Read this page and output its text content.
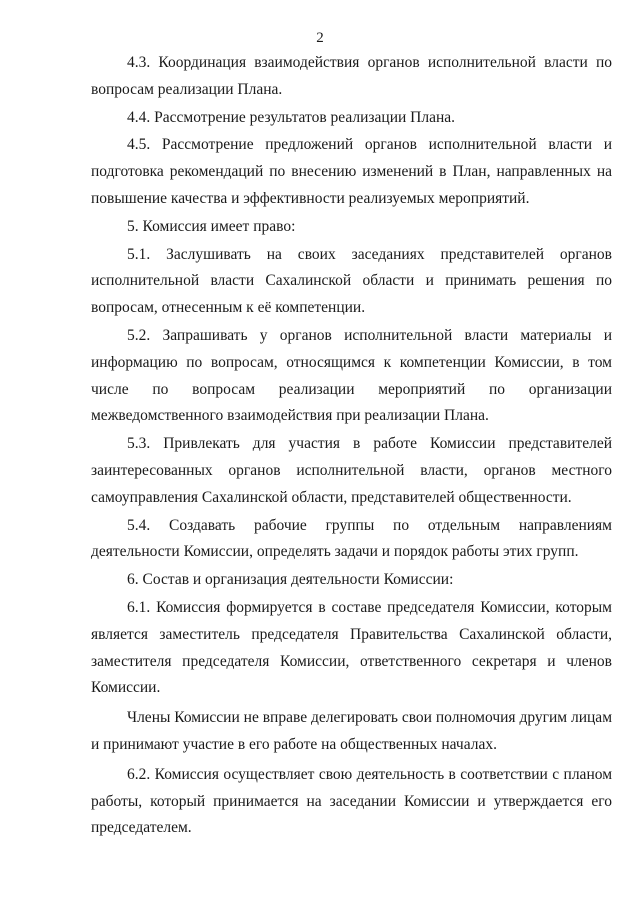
2

4.3. Координация взаимодействия органов исполнительной власти по вопросам реализации Плана.

4.4. Рассмотрение результатов реализации Плана.

4.5. Рассмотрение предложений органов исполнительной власти и подготовка рекомендаций по внесению изменений в План, направленных на повышение качества и эффективности реализуемых мероприятий.

5. Комиссия имеет право:

5.1. Заслушивать на своих заседаниях представителей органов исполнительной власти Сахалинской области и принимать решения по вопросам, отнесенным к её компетенции.

5.2. Запрашивать у органов исполнительной власти материалы и информацию по вопросам, относящимся к компетенции Комиссии, в том числе по вопросам реализации мероприятий по организации межведомственного взаимодействия при реализации Плана.

5.3. Привлекать для участия в работе Комиссии представителей заинтересованных органов исполнительной власти, органов местного самоуправления Сахалинской области, представителей общественности.

5.4. Создавать рабочие группы по отдельным направлениям деятельности Комиссии, определять задачи и порядок работы этих групп.

6. Состав и организация деятельности Комиссии:

6.1. Комиссия формируется в составе председателя Комиссии, которым является заместитель председателя Правительства Сахалинской области, заместителя председателя Комиссии, ответственного секретаря и членов Комиссии.

Члены Комиссии не вправе делегировать свои полномочия другим лицам и принимают участие в его работе на общественных началах.

6.2. Комиссия осуществляет свою деятельность в соответствии с планом работы, который принимается на заседании Комиссии и утверждается его председателем.
